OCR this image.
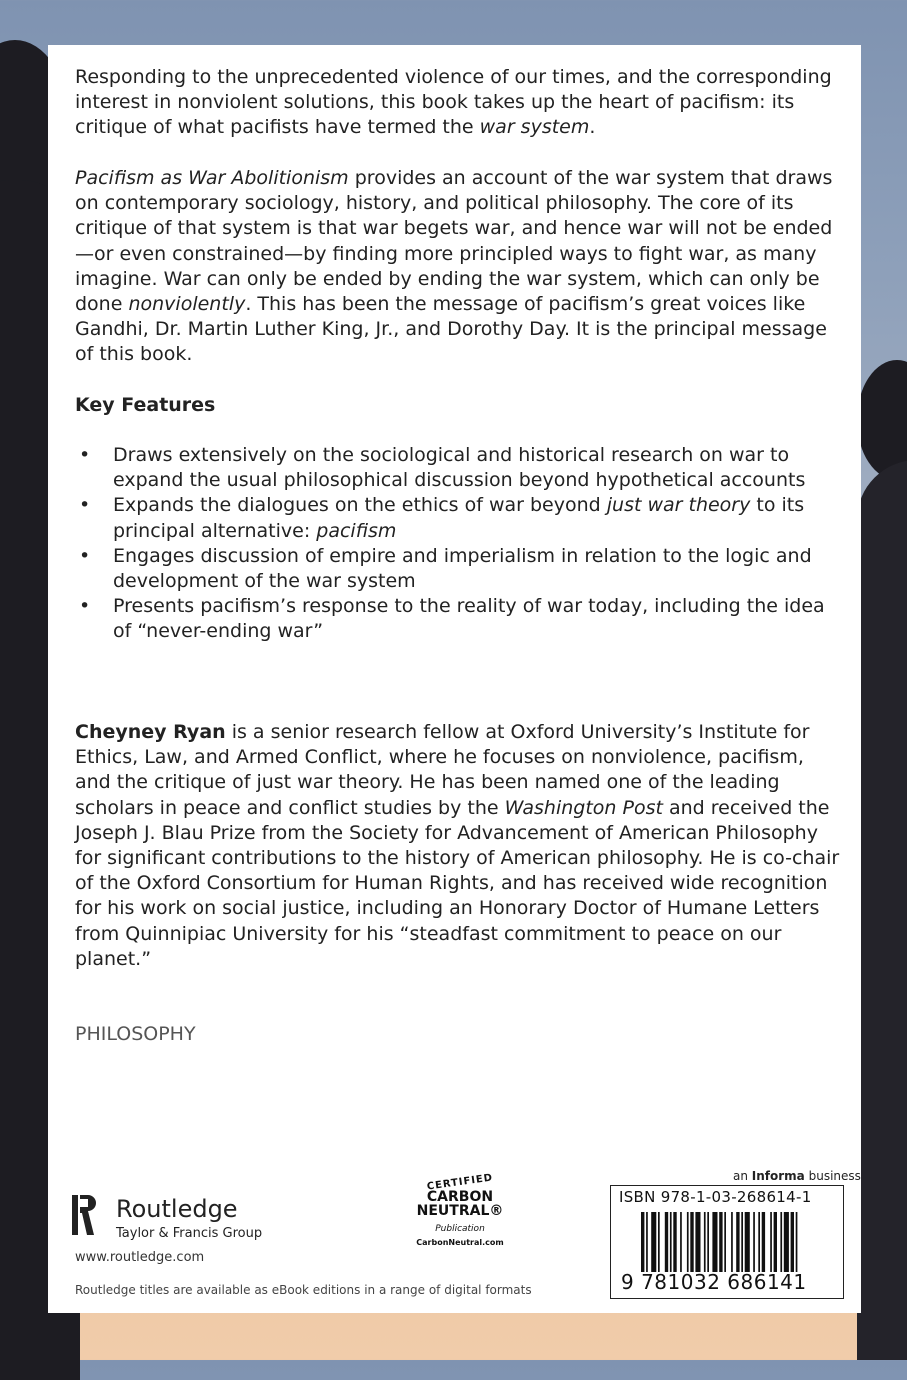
Responding to the unprecedented violence of our times, and the corresponding interest in nonviolent solutions, this book takes up the heart of pacifism: its critique of what pacifists have termed the war system.

Pacifism as War Abolitionism provides an account of the war system that draws on contemporary sociology, history, and political philosophy. The core of its critique of that system is that war begets war, and hence war will not be ended—or even constrained—by finding more principled ways to fight war, as many imagine. War can only be ended by ending the war system, which can only be done nonviolently. This has been the message of pacifism’s great voices like Gandhi, Dr. Martin Luther King, Jr., and Dorothy Day. It is the principal message of this book.

Key Features

• Draws extensively on the sociological and historical research on war to expand the usual philosophical discussion beyond hypothetical accounts
• Expands the dialogues on the ethics of war beyond just war theory to its principal alternative: pacifism
• Engages discussion of empire and imperialism in relation to the logic and development of the war system
• Presents pacifism’s response to the reality of war today, including the idea of “never-ending war”

Cheyney Ryan is a senior research fellow at Oxford University’s Institute for Ethics, Law, and Armed Conflict, where he focuses on nonviolence, pacifism, and the critique of just war theory. He has been named one of the leading scholars in peace and conflict studies by the Washington Post and received the Joseph J. Blau Prize from the Society for Advancement of American Philosophy for significant contributions to the history of American philosophy. He is co-chair of the Oxford Consortium for Human Rights, and has received wide recognition for his work on social justice, including an Honorary Doctor of Humane Letters from Quinnipiac University for his “steadfast commitment to peace on our planet.”

PHILOSOPHY

Routledge
Taylor & Francis Group
www.routledge.com
Routledge titles are available as eBook editions in a range of digital formats
CERTIFIED
CARBON
NEUTRAL®
Publication
CarbonNeutral.com
an Informa business
ISBN 978-1-03-268614-1
9 781032 686141
